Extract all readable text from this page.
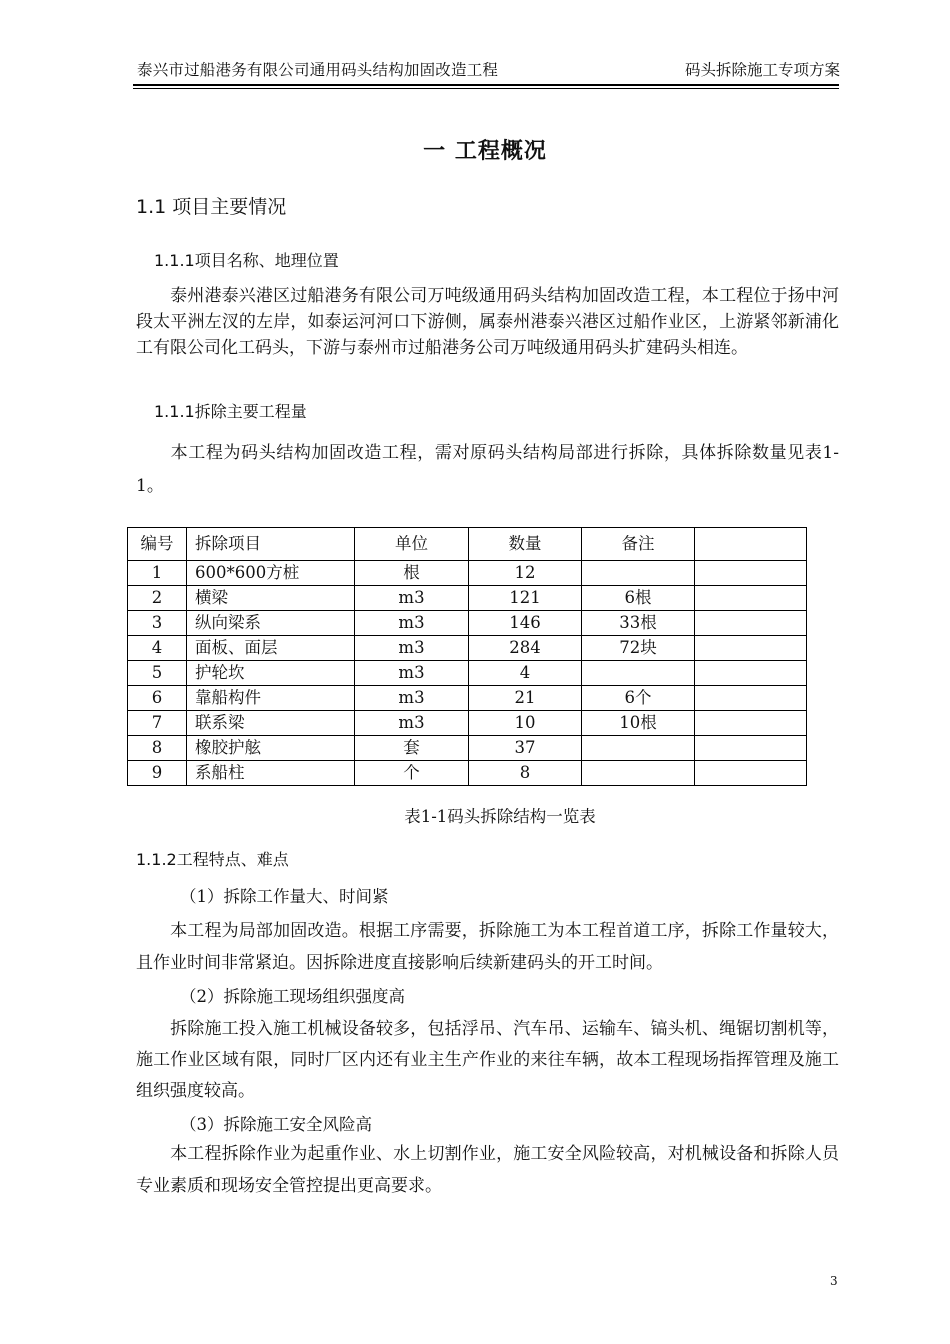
泰兴市过船港务有限公司通用码头结构加固改造工程	码头拆除施工专项方案
一 工程概况
1.1 项目主要情况
1.1.1项目名称、地理位置

泰州港泰兴港区过船港务有限公司万吨级通用码头结构加固改造工程，本工程位于扬中河段太平洲左汊的左岸，如泰运河河口下游侧，属泰州港泰兴港区过船作业区，上游紧邻新浦化工有限公司化工码头，下游与泰州市过船港务公司万吨级通用码头扩建码头相连。

1.1.1拆除主要工程量

本工程为码头结构加固改造工程，需对原码头结构局部进行拆除，具体拆除数量见表1-1。

编号	拆除项目	单位	数量	备注	
1	600*600方桩	根	12		
2	横梁	m3	121	6根	
3	纵向梁系	m3	146	33根	
4	面板、面层	m3	284	72块	
5	护轮坎	m3	4		
6	靠船构件	m3	21	6个	
7	联系梁	m3	10	10根	
8	橡胶护舷	套	37		
9	系船柱	个	8		
表1-1码头拆除结构一览表
1.1.2工程特点、难点
（1）拆除工作量大、时间紧

本工程为局部加固改造。根据工序需要，拆除施工为本工程首道工序，拆除工作量较大，且作业时间非常紧迫。因拆除进度直接影响后续新建码头的开工时间。

（2）拆除施工现场组织强度高

拆除施工投入施工机械设备较多，包括浮吊、汽车吊、运输车、镐头机、绳锯切割机等，施工作业区域有限，同时厂区内还有业主生产作业的来往车辆，故本工程现场指挥管理及施工组织强度较高。

（3）拆除施工安全风险高

本工程拆除作业为起重作业、水上切割作业，施工安全风险较高，对机械设备和拆除人员专业素质和现场安全管控提出更高要求。

3
